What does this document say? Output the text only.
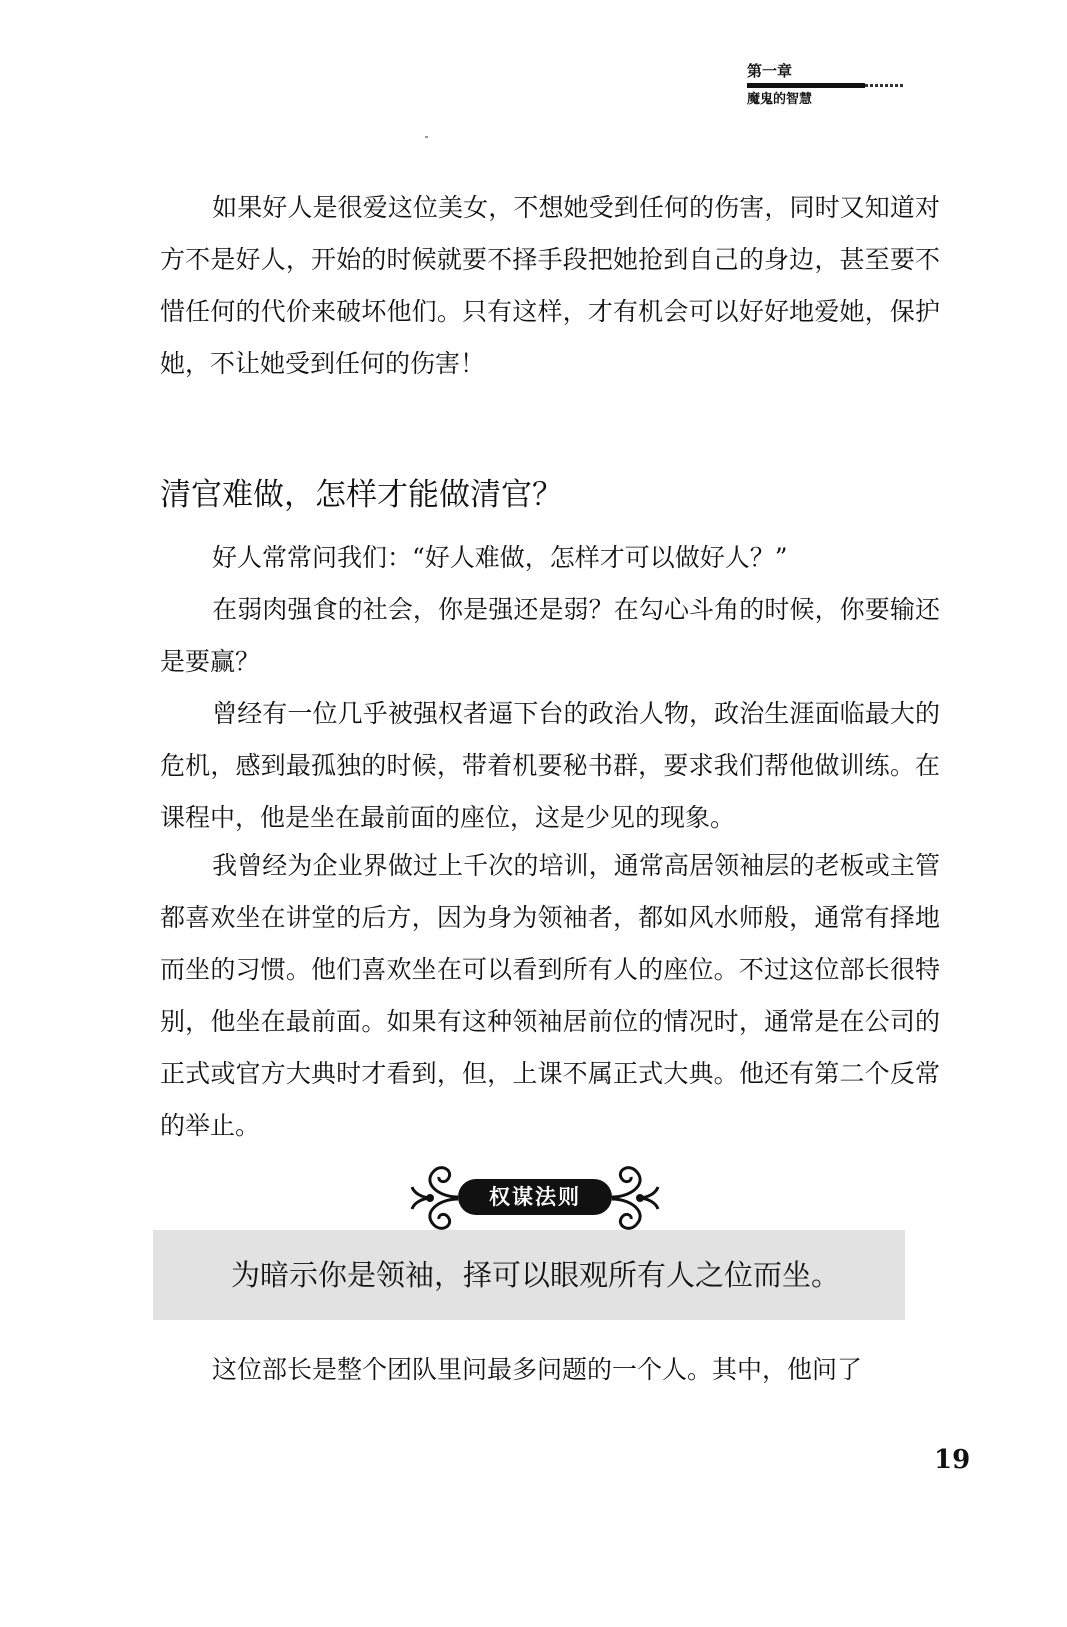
第一章
魔鬼的智慧

如果好人是很爱这位美女，不想她受到任何的伤害，同时又知道对方不是好人，开始的时候就要不择手段把她抢到自己的身边，甚至要不惜任何的代价来破坏他们。只有这样，才有机会可以好好地爱她，保护她，不让她受到任何的伤害！

清官难做，怎样才能做清官？

好人常常问我们：“好人难做，怎样才可以做好人？”

在弱肉强食的社会，你是强还是弱？在勾心斗角的时候，你要输还是要赢？

曾经有一位几乎被强权者逼下台的政治人物，政治生涯面临最大的危机，感到最孤独的时候，带着机要秘书群，要求我们帮他做训练。在课程中，他是坐在最前面的座位，这是少见的现象。

我曾经为企业界做过上千次的培训，通常高居领袖层的老板或主管都喜欢坐在讲堂的后方，因为身为领袖者，都如风水师般，通常有择地而坐的习惯。他们喜欢坐在可以看到所有人的座位。不过这位部长很特别，他坐在最前面。如果有这种领袖居前位的情况时，通常是在公司的正式或官方大典时才看到，但，上课不属正式大典。他还有第二个反常的举止。

权谋法则
为暗示你是领袖，择可以眼观所有人之位而坐。

这位部长是整个团队里问最多问题的一个人。其中，他问了

19
